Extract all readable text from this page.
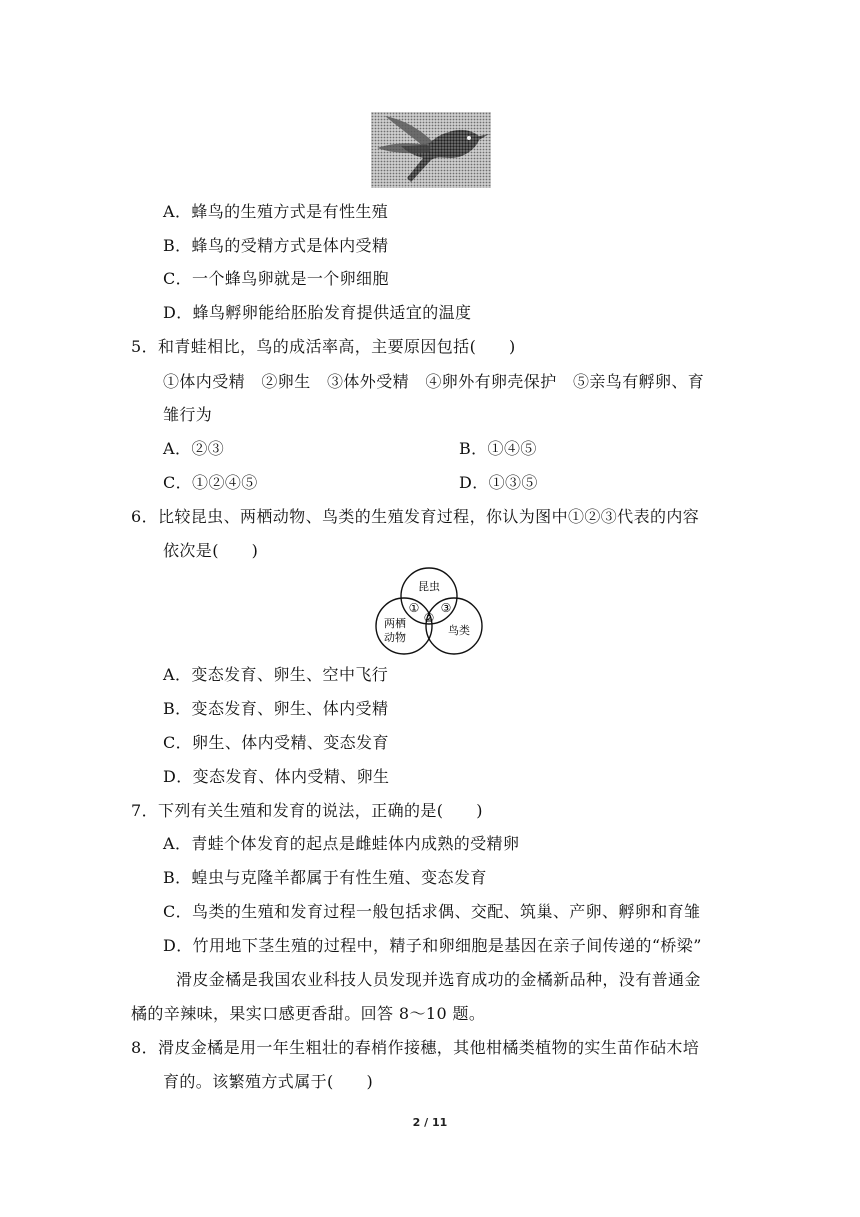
A．蜂鸟的生殖方式是有性生殖
B．蜂鸟的受精方式是体内受精
C．一个蜂鸟卵就是一个卵细胞
D．蜂鸟孵卵能给胚胎发育提供适宜的温度
5．和青蛙相比，鸟的成活率高，主要原因包括(　　)
①体内受精　②卵生　③体外受精　④卵外有卵壳保护　⑤亲鸟有孵卵、育
雏行为
A．②③	B．①④⑤
C．①②④⑤	D．①③⑤
6．比较昆虫、两栖动物、鸟类的生殖发育过程，你认为图中①②③代表的内容
依次是(　　)
昆虫
两栖
动物
鸟类
①
②
③
A．变态发育、卵生、空中飞行
B．变态发育、卵生、体内受精
C．卵生、体内受精、变态发育
D．变态发育、体内受精、卵生
7．下列有关生殖和发育的说法，正确的是(　　)
A．青蛙个体发育的起点是雌蛙体内成熟的受精卵
B．蝗虫与克隆羊都属于有性生殖、变态发育
C．鸟类的生殖和发育过程一般包括求偶、交配、筑巢、产卵、孵卵和育雏
D．竹用地下茎生殖的过程中，精子和卵细胞是基因在亲子间传递的“桥梁”
滑皮金橘是我国农业科技人员发现并选育成功的金橘新品种，没有普通金
橘的辛辣味，果实口感更香甜。回答 8～10 题。
8．滑皮金橘是用一年生粗壮的春梢作接穗，其他柑橘类植物的实生苗作砧木培
育的。该繁殖方式属于(　　)
2 / 11
